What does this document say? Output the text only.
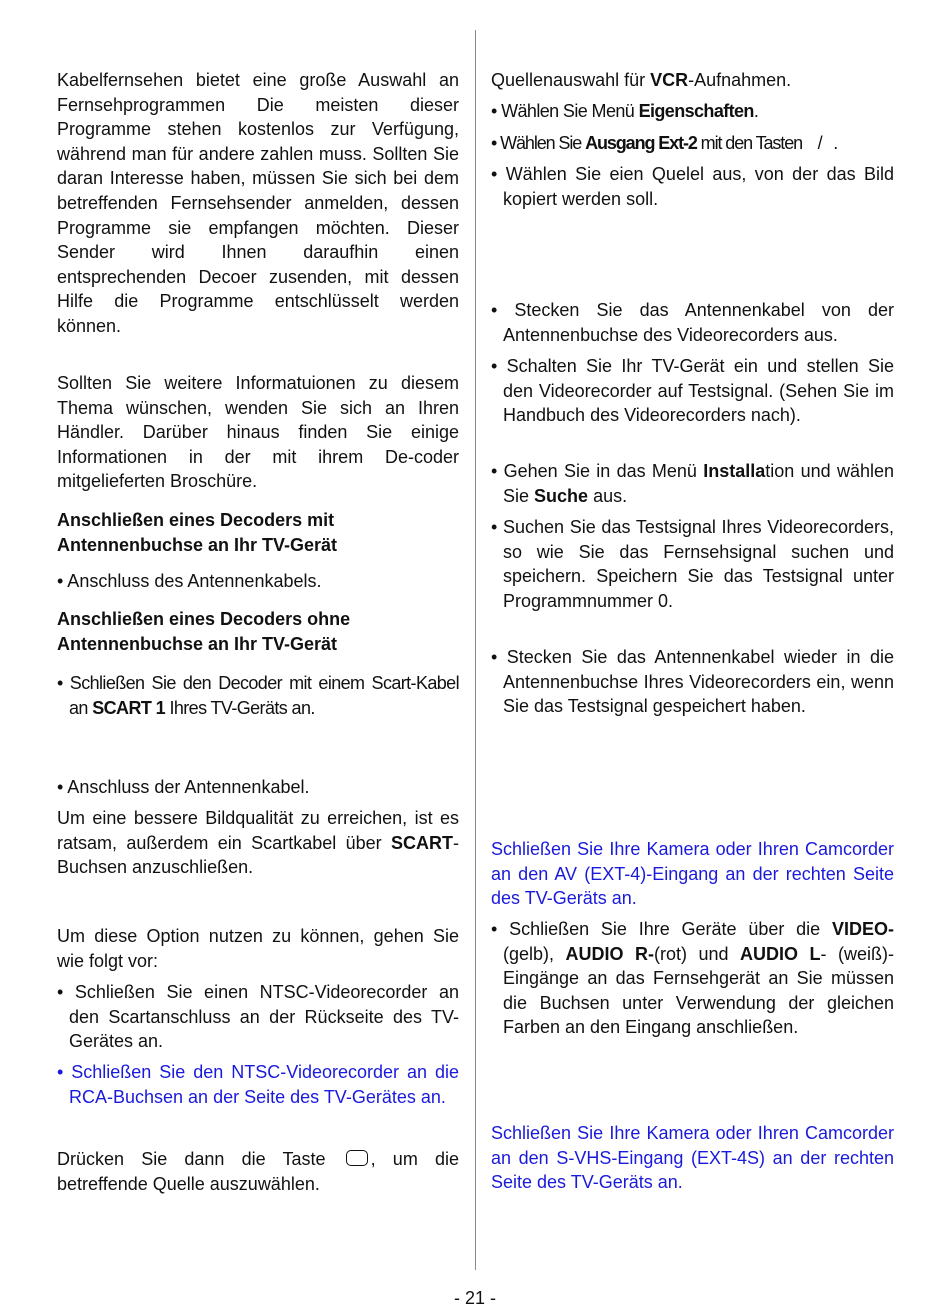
Kabelfernsehen bietet eine große Auswahl an Fernsehprogrammen Die meisten dieser Programme stehen kostenlos zur Verfügung, während man für andere zahlen muss. Sollten Sie daran Interesse haben, müssen Sie sich bei dem betreffenden Fernsehsender anmelden, dessen Programme sie empfangen möchten. Dieser Sender wird Ihnen daraufhin einen entsprechenden Decoer zusenden, mit dessen Hilfe die Programme entschlüsselt werden können.

Sollten Sie weitere Informatuionen zu diesem Thema wünschen, wenden Sie sich an Ihren Händler. Darüber hinaus finden Sie einige Informationen in der mit ihrem De-coder mitgelieferten Broschüre.

Anschließen eines Decoders mit Antennenbuchse an Ihr TV-Gerät

• Anschluss des Antennenkabels.

Anschließen eines Decoders ohne Antennenbuchse an Ihr TV-Gerät

• Schließen Sie den Decoder mit einem Scart-Kabel an SCART 1 Ihres TV-Geräts an.

• Anschluss der Antennenkabel.

Um eine bessere Bildqualität zu erreichen, ist es ratsam, außerdem ein Scartkabel über SCART-Buchsen anzuschließen.

Um diese Option nutzen zu können, gehen Sie wie folgt vor:

• Schließen Sie einen NTSC-Videorecorder an den Scartanschluss an der Rückseite des TV-Gerätes an.

• Schließen Sie den NTSC-Videorecorder an die RCA-Buchsen an der Seite des TV-Gerätes an.

Drücken Sie dann die Taste , um die betreffende Quelle auszuwählen.

Quellenauswahl für VCR-Aufnahmen.

• Wählen Sie Menü Eigenschaften.

• Wählen Sie Ausgang Ext-2 mit den Tasten    /   .

• Wählen Sie eien Quelel aus, von der das Bild kopiert werden soll.

• Stecken Sie das Antennenkabel von der Antennenbuchse des Videorecorders aus.

• Schalten Sie Ihr TV-Gerät ein und stellen Sie den Videorecorder auf Testsignal. (Sehen Sie im Handbuch des Videorecorders nach).

• Gehen Sie in das Menü Installation und wählen Sie Suche aus.

• Suchen Sie das Testsignal Ihres Videorecorders, so wie Sie das Fernsehsignal suchen und speichern. Speichern Sie das Testsignal unter Programmnummer 0.

• Stecken Sie das Antennenkabel wieder in die Antennenbuchse Ihres Videorecorders ein, wenn Sie das Testsignal gespeichert haben.

Schließen Sie Ihre Kamera oder Ihren Camcorder an den AV (EXT-4)-Eingang an der rechten Seite des TV-Geräts an.

• Schließen Sie Ihre Geräte über die VIDEO- (gelb), AUDIO R-(rot) und AUDIO L- (weiß)-Eingänge an das Fernsehgerät an Sie müssen die Buchsen unter Verwendung der gleichen Farben an den Eingang anschließen.

Schließen Sie Ihre Kamera oder Ihren Camcorder an den S-VHS-Eingang (EXT-4S) an der rechten Seite des TV-Geräts an.

- 21 -
